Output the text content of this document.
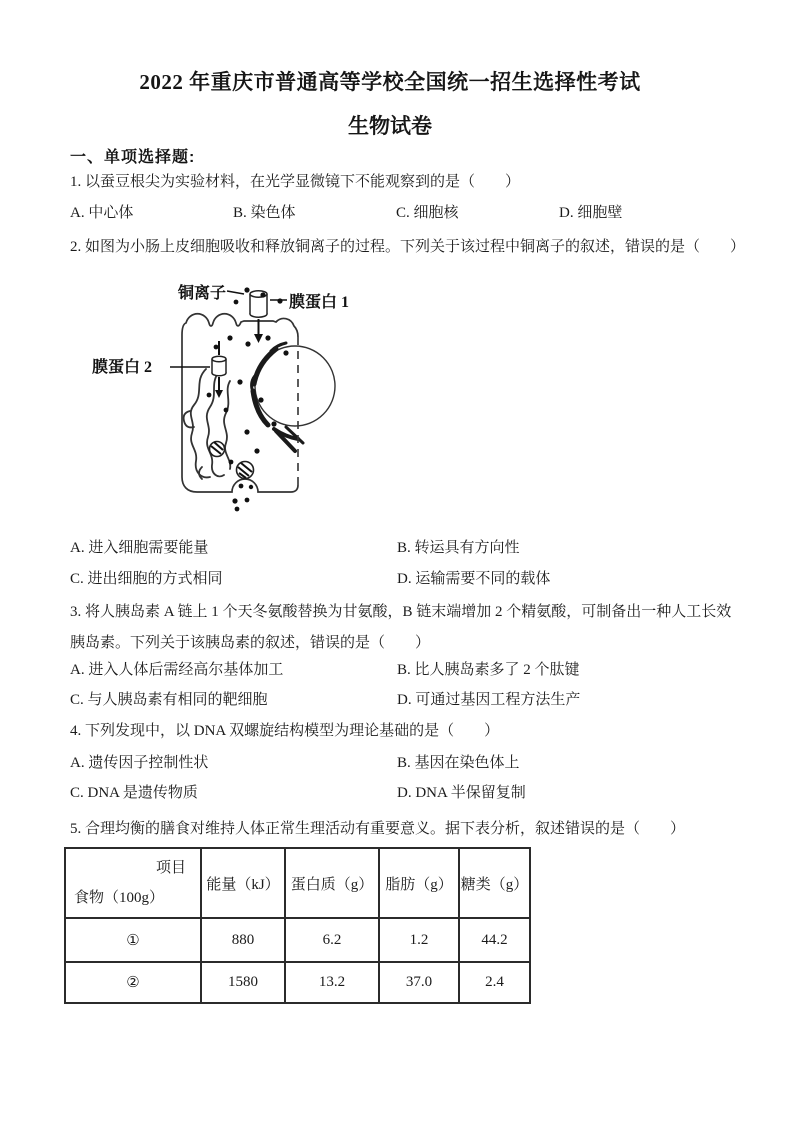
2022 年重庆市普通高等学校全国统一招生选择性考试
生物试卷
一、单项选择题:

1. 以蚕豆根尖为实验材料，在光学显微镜下不能观察到的是（　　）

A. 中心体	B. 染色体	C. 细胞核	D. 细胞壁

2. 如图为小肠上皮细胞吸收和释放铜离子的过程。下列关于该过程中铜离子的叙述，错误的是（　　）

铜离子
膜蛋白 1
膜蛋白 2
A. 进入细胞需要能量	B. 转运具有方向性
C. 进出细胞的方式相同	D. 运输需要不同的载体

3. 将人胰岛素 A 链上 1 个天冬氨酸替换为甘氨酸，B 链末端增加 2 个精氨酸，可制备出一种人工长效胰岛素。下列关于该胰岛素的叙述，错误的是（　　）

A. 进入人体后需经高尔基体加工	B. 比人胰岛素多了 2 个肽键
C. 与人胰岛素有相同的靶细胞	D. 可通过基因工程方法生产

4. 下列发现中，以 DNA 双螺旋结构模型为理论基础的是（　　）

A. 遗传因子控制性状	B. 基因在染色体上
C. DNA 是遗传物质	D. DNA 半保留复制

5. 合理均衡的膳食对维持人体正常生理活动有重要意义。据下表分析，叙述错误的是（　　）

项目
食物（100g）	能量（kJ）	蛋白质（g）	脂肪（g）	糖类（g）
①	880	6.2	1.2	44.2
②	1580	13.2	37.0	2.4
